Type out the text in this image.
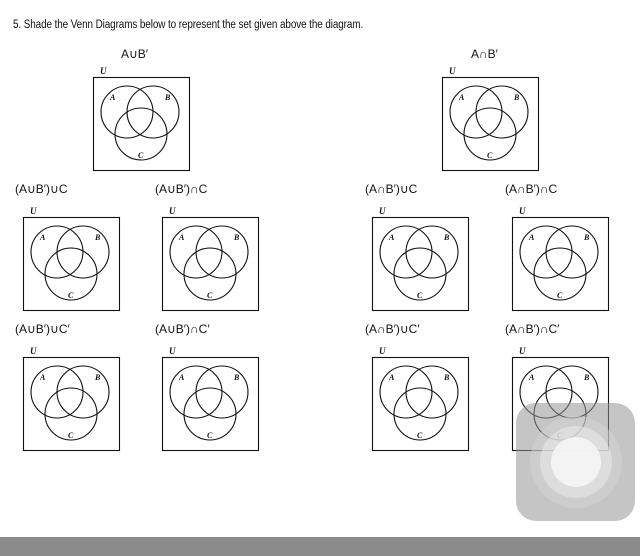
5. Shade the Venn Diagrams below to represent the set given above the diagram.
A∪B′	A∩B′
(A∪B′)∪C	(A∪B′)∩C	(A∩B′)∪C	(A∩B′)∩C
(A∪B′)∪C′	(A∪B′)∩C′	(A∩B′)∪C′	(A∩B′)∩C′
U
A	B
C
U
A	B
C
U
A	B
C
U
A	B
C
U
A	B
C
U
A	B
C
U
A	B
C
U
A	B
C
U
A	B
C
U
A	B
